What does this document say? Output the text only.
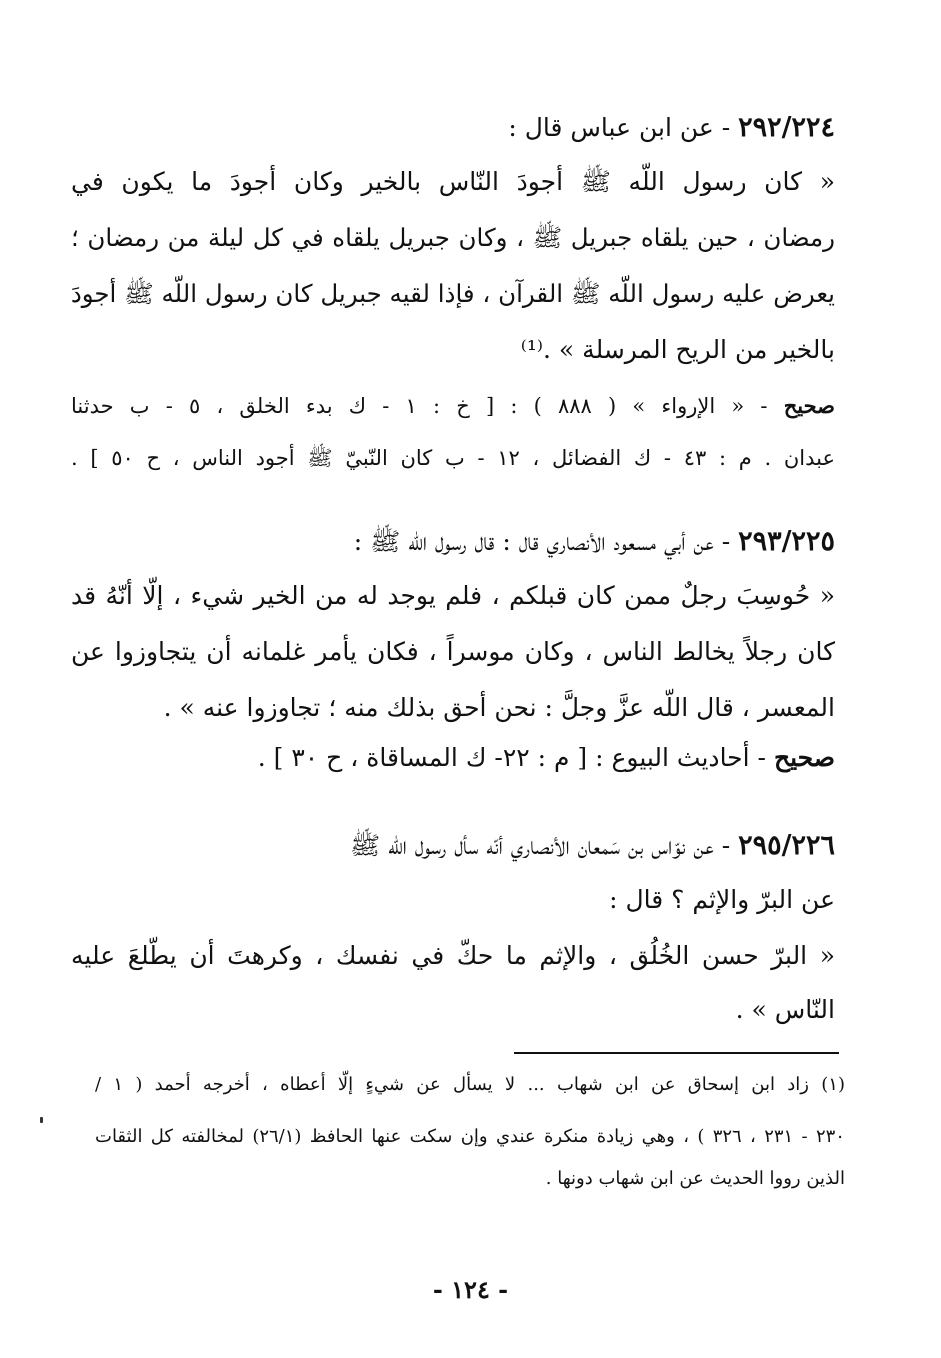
٢٩٢/٢٢٤ - عن ابن عباس قال :
« كان رسول اللّه ﷺ أجودَ النّاس بالخير وكان أجودَ ما يكون في
رمضان ، حين يلقاه جبريل ﷺ ، وكان جبريل يلقاه في كل ليلة من رمضان ؛
يعرض عليه رسول اللّه ﷺ القرآن ، فإذا لقيه جبريل كان رسول اللّه ﷺ أجودَ
بالخير من الريح المرسلة » .⁽¹⁾
صحيح - « الإرواء » ( ٨٨٨ ) : [ خ : ١ - ك بدء الخلق ، ٥ - ب حدثنا
عبدان . م : ٤٣ - ك الفضائل ، ١٢ - ب كان النّبيّ ﷺ أجود الناس ، ح ٥٠ ] .
٢٩٣/٢٢٥ - عن أبي مسعود الأنصاري قال : قال رسول اللّه ﷺ :
« حُوسِبَ رجلٌ ممن كان قبلكم ، فلم يوجد له من الخير شيء ، إلّا أنّهُ قد
كان رجلاً يخالط الناس ، وكان موسراً ، فكان يأمر غلمانه أن يتجاوزوا عن
المعسر ، قال اللّه عزَّ وجلَّ : نحن أحق بذلك منه ؛ تجاوزوا عنه » .
صحيح - أحاديث البيوع : [ م : ٢٢- ك المساقاة ، ح ٣٠ ] .
٢٩٥/٢٢٦ - عن نوّاس بن سَمعان الأنصاري أنّه سأل رسول اللّه ﷺ
عن البرّ والإثم ؟ قال :
« البرّ حسن الخُلُق ، والإثم ما حكّ في نفسك ، وكرهتَ أن يطّلعَ عليه
النّاس » .
(١) زاد ابن إسحاق عن ابن شهاب ... لا يسأل عن شيءٍ إلّا أعطاه ، أخرجه أحمد ( ١ /
٢٣٠ - ٢٣١ ، ٣٢٦ ) ، وهي زيادة منكرة عندي وإن سكت عنها الحافظ (٢٦/١) لمخالفته كل الثقات
الذين رووا الحديث عن ابن شهاب دونها .
- ١٢٤ -
